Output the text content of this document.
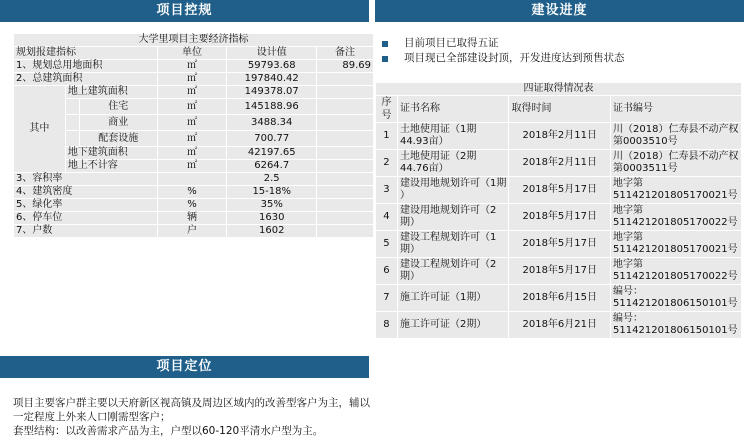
项目控规	建设进度
大学里项目主要经济指标					
规划报建指标			单位	设计值	备注
1、规划总用地面积			㎡	59793.68	89.69
2、总建筑面积			㎡	197840.42	
其中	地上建筑面积		㎡	149378.07	
		住宅	㎡	145188.96	
		商业	㎡	3488.34	
		配套设施	㎡	700.77	
	地下建筑面积		㎡	42197.65	
	地上不计容		㎡	6264.7	
3、容积率				2.5	
4、建筑密度			%	15-18%	
5、绿化率			%	35%	
6、停车位			辆	1630	
7、户数			户	1602	
目前项目已取得五证
项目现已全部建设封顶，开发进度达到预售状态
四证取得情况表			
序号	证书名称	取得时间	证书编号
1	土地使用证（1期 44.93亩）	2018年2月11日	川（2018）仁寿县不动产权第0003510号
2	土地使用证（2期 44.76亩）	2018年2月11日	川（2018）仁寿县不动产权第0003511号
3	建设用地规划许可（1期 ）	2018年5月17日	地字第511421201805170021号
4	建设用地规划许可（2期）	2018年5月17日	地字第511421201805170022号
5	建设工程规划许可（1期）	2018年5月17日	地字第511421201805170021号
6	建设工程规划许可（2期）	2018年5月17日	地字第511421201805170022号
7	施工许可证（1期）	2018年6月15日	编号：511421201806150101号
8	施工许可证（2期）	2018年6月21日	编号：511421201806150101号
项目定位
项目主要客户群主要以天府新区视高镇及周边区域内的改善型客户为主，辅以一定程度上外来人口刚需型客户；
套型结构：以改善需求产品为主，户型以60-120平清水户型为主。
